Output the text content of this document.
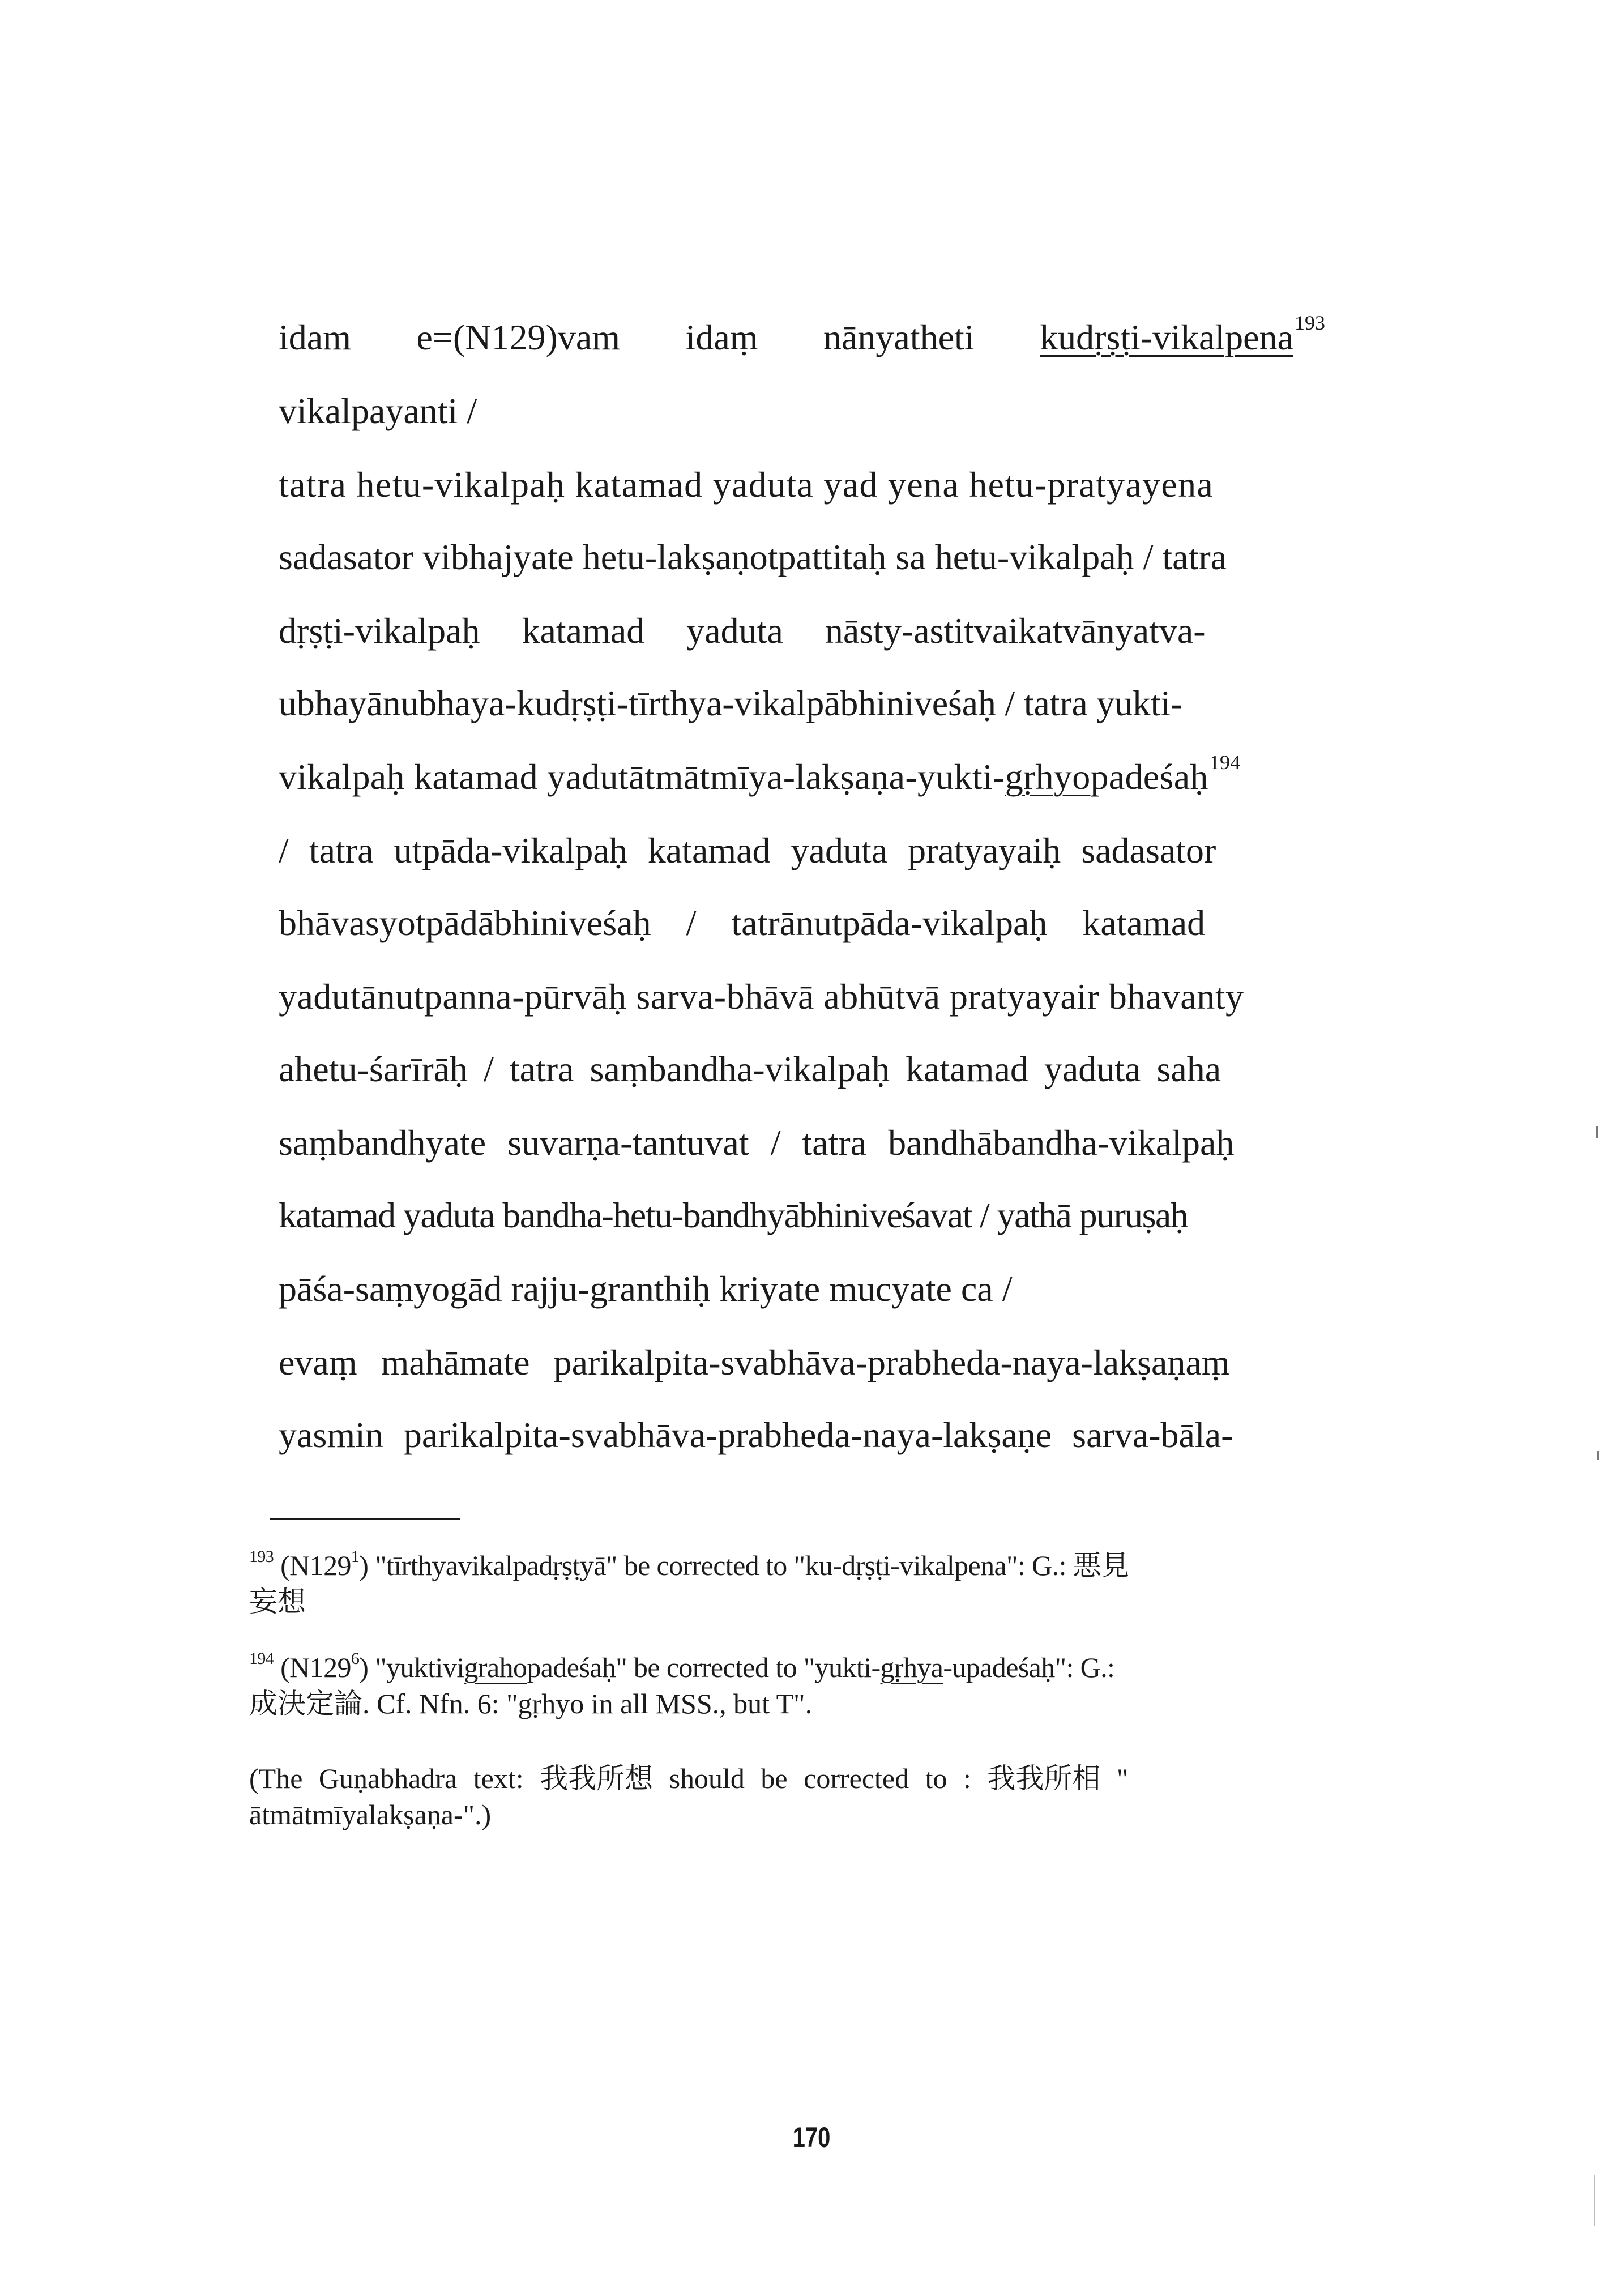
idam e=(N129)vam idaṃ nānyatheti kudṛṣṭi-vikalpena$^{193}$
vikalpayanti /
tatra hetu-vikalpaḥ katamad yaduta yad yena hetu-pratyayena
sadasator vibhajyate hetu-lakṣaṇotpattitaḥ sa hetu-vikalpaḥ / tatra
dṛṣṭi-vikalpaḥ katamad yaduta nāsty-astitvaikatvānyatva-
ubhayānubhaya-kudṛṣṭi-tīrthya-vikalpābhiniveśaḥ / tatra yukti-
vikalpaḥ katamad yadutātmātmīya-lakṣaṇa-yukti-gṛhyopadeśaḥ$^{194}$
/ tatra utpāda-vikalpaḥ katamad yaduta pratyayaiḥ sadasator
bhāvasyotpādābhiniveśaḥ / tatrānutpāda-vikalpaḥ katamad
yadutānutpanna-pūrvāḥ sarva-bhāvā abhūtvā pratyayair bhavanty
ahetu-śarīrāḥ / tatra saṃbandha-vikalpaḥ katamad yaduta saha
saṃbandhyate suvarṇa-tantuvat / tatra bandhābandha-vikalpaḥ
katamad yaduta bandha-hetu-bandhyābhiniveśavat / yathā puruṣaḥ
pāśa-saṃyogād rajju-granthiḥ kriyate mucyate ca /
evaṃ mahāmate parikalpita-svabhāva-prabheda-naya-lakṣaṇaṃ
yasmin parikalpita-svabhāva-prabheda-naya-lakṣaṇe sarva-bāla-
$^{193}$ $(N129^1)$ "tīrthyavikalpadṛṣṭyā" be corrected to "ku-dṛṣṭi-vikalpena": G.: 悪見
妄想
$^{194}$ $(N129^6)$ "yuktivigrahopadeśaḥ" be corrected to "yukti-gṛhya-upadeśaḥ": G.:
成決定論. Cf. Nfn. 6: "gṛhyo in all MSS., but T".
(The Guṇabhadra text: 我我所想 should be corrected to : 我我所相 "
ātmātmīyalakṣaṇa-".)
170
